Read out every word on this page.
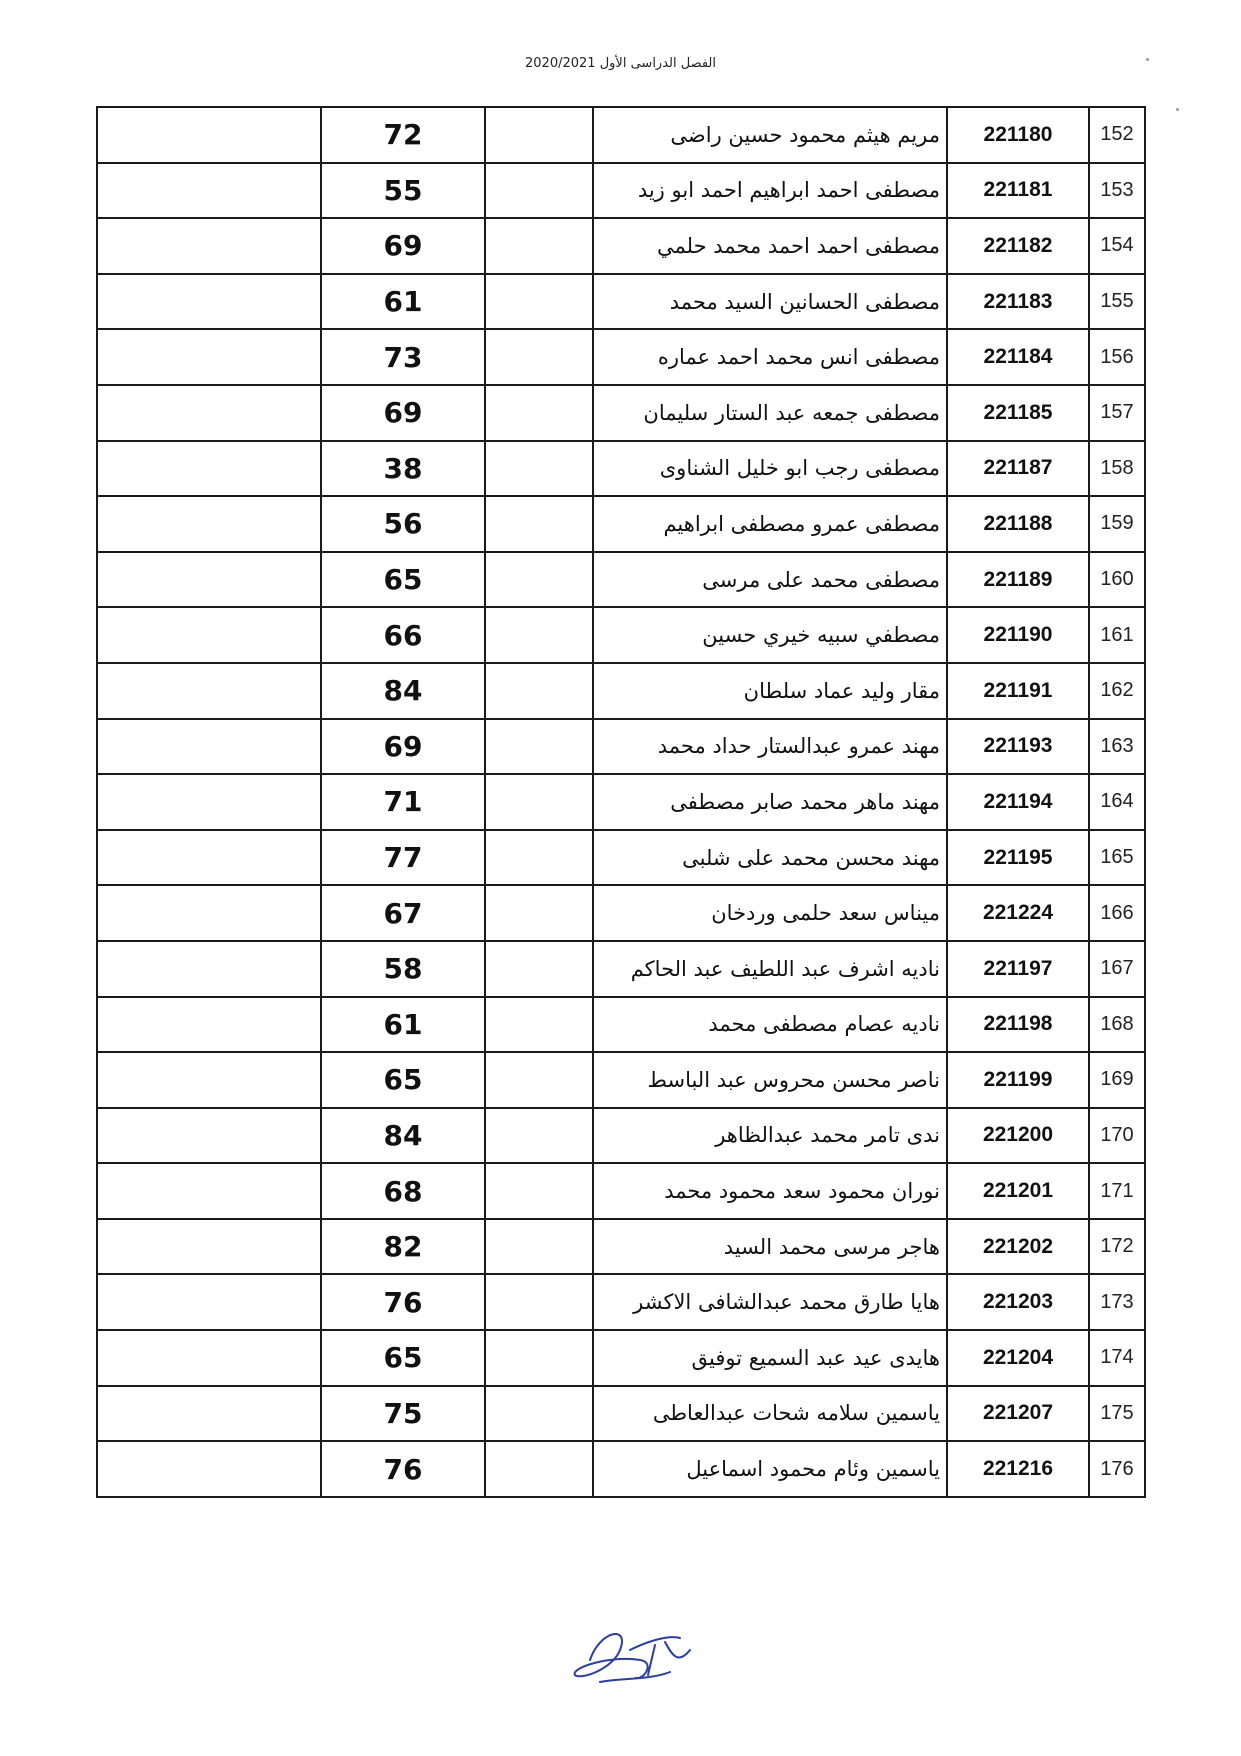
2020/2021 الفصل الدراسى الأول
	72		مريم هيثم محمود حسين راضى	221180	152
	55		مصطفى احمد ابراهيم احمد ابو زيد	221181	153
	69		مصطفى احمد احمد محمد حلمي	221182	154
	61		مصطفى الحسانين السيد محمد	221183	155
	73		مصطفى انس محمد احمد عماره	221184	156
	69		مصطفى جمعه عبد الستار سليمان	221185	157
	38		مصطفى رجب ابو خليل الشناوى	221187	158
	56		مصطفى عمرو مصطفى ابراهيم	221188	159
	65		مصطفى محمد على مرسى	221189	160
	66		مصطفي سبيه خيري حسين	221190	161
	84		مقار وليد عماد سلطان	221191	162
	69		مهند عمرو عبدالستار حداد محمد	221193	163
	71		مهند ماهر محمد صابر مصطفى	221194	164
	77		مهند محسن محمد على شلبى	221195	165
	67		ميناس سعد حلمى وردخان	221224	166
	58		ناديه اشرف عبد اللطيف عبد الحاكم	221197	167
	61		ناديه عصام مصطفى محمد	221198	168
	65		ناصر محسن محروس عبد الباسط	221199	169
	84		ندى تامر محمد عبدالظاهر	221200	170
	68		نوران محمود سعد محمود محمد	221201	171
	82		هاجر مرسى محمد السيد	221202	172
	76		هايا طارق محمد عبدالشافى الاكشر	221203	173
	65		هايدى عيد عبد السميع توفيق	221204	174
	75		ياسمين سلامه شحات عبدالعاطى	221207	175
	76		ياسمين وئام محمود اسماعيل	221216	176
